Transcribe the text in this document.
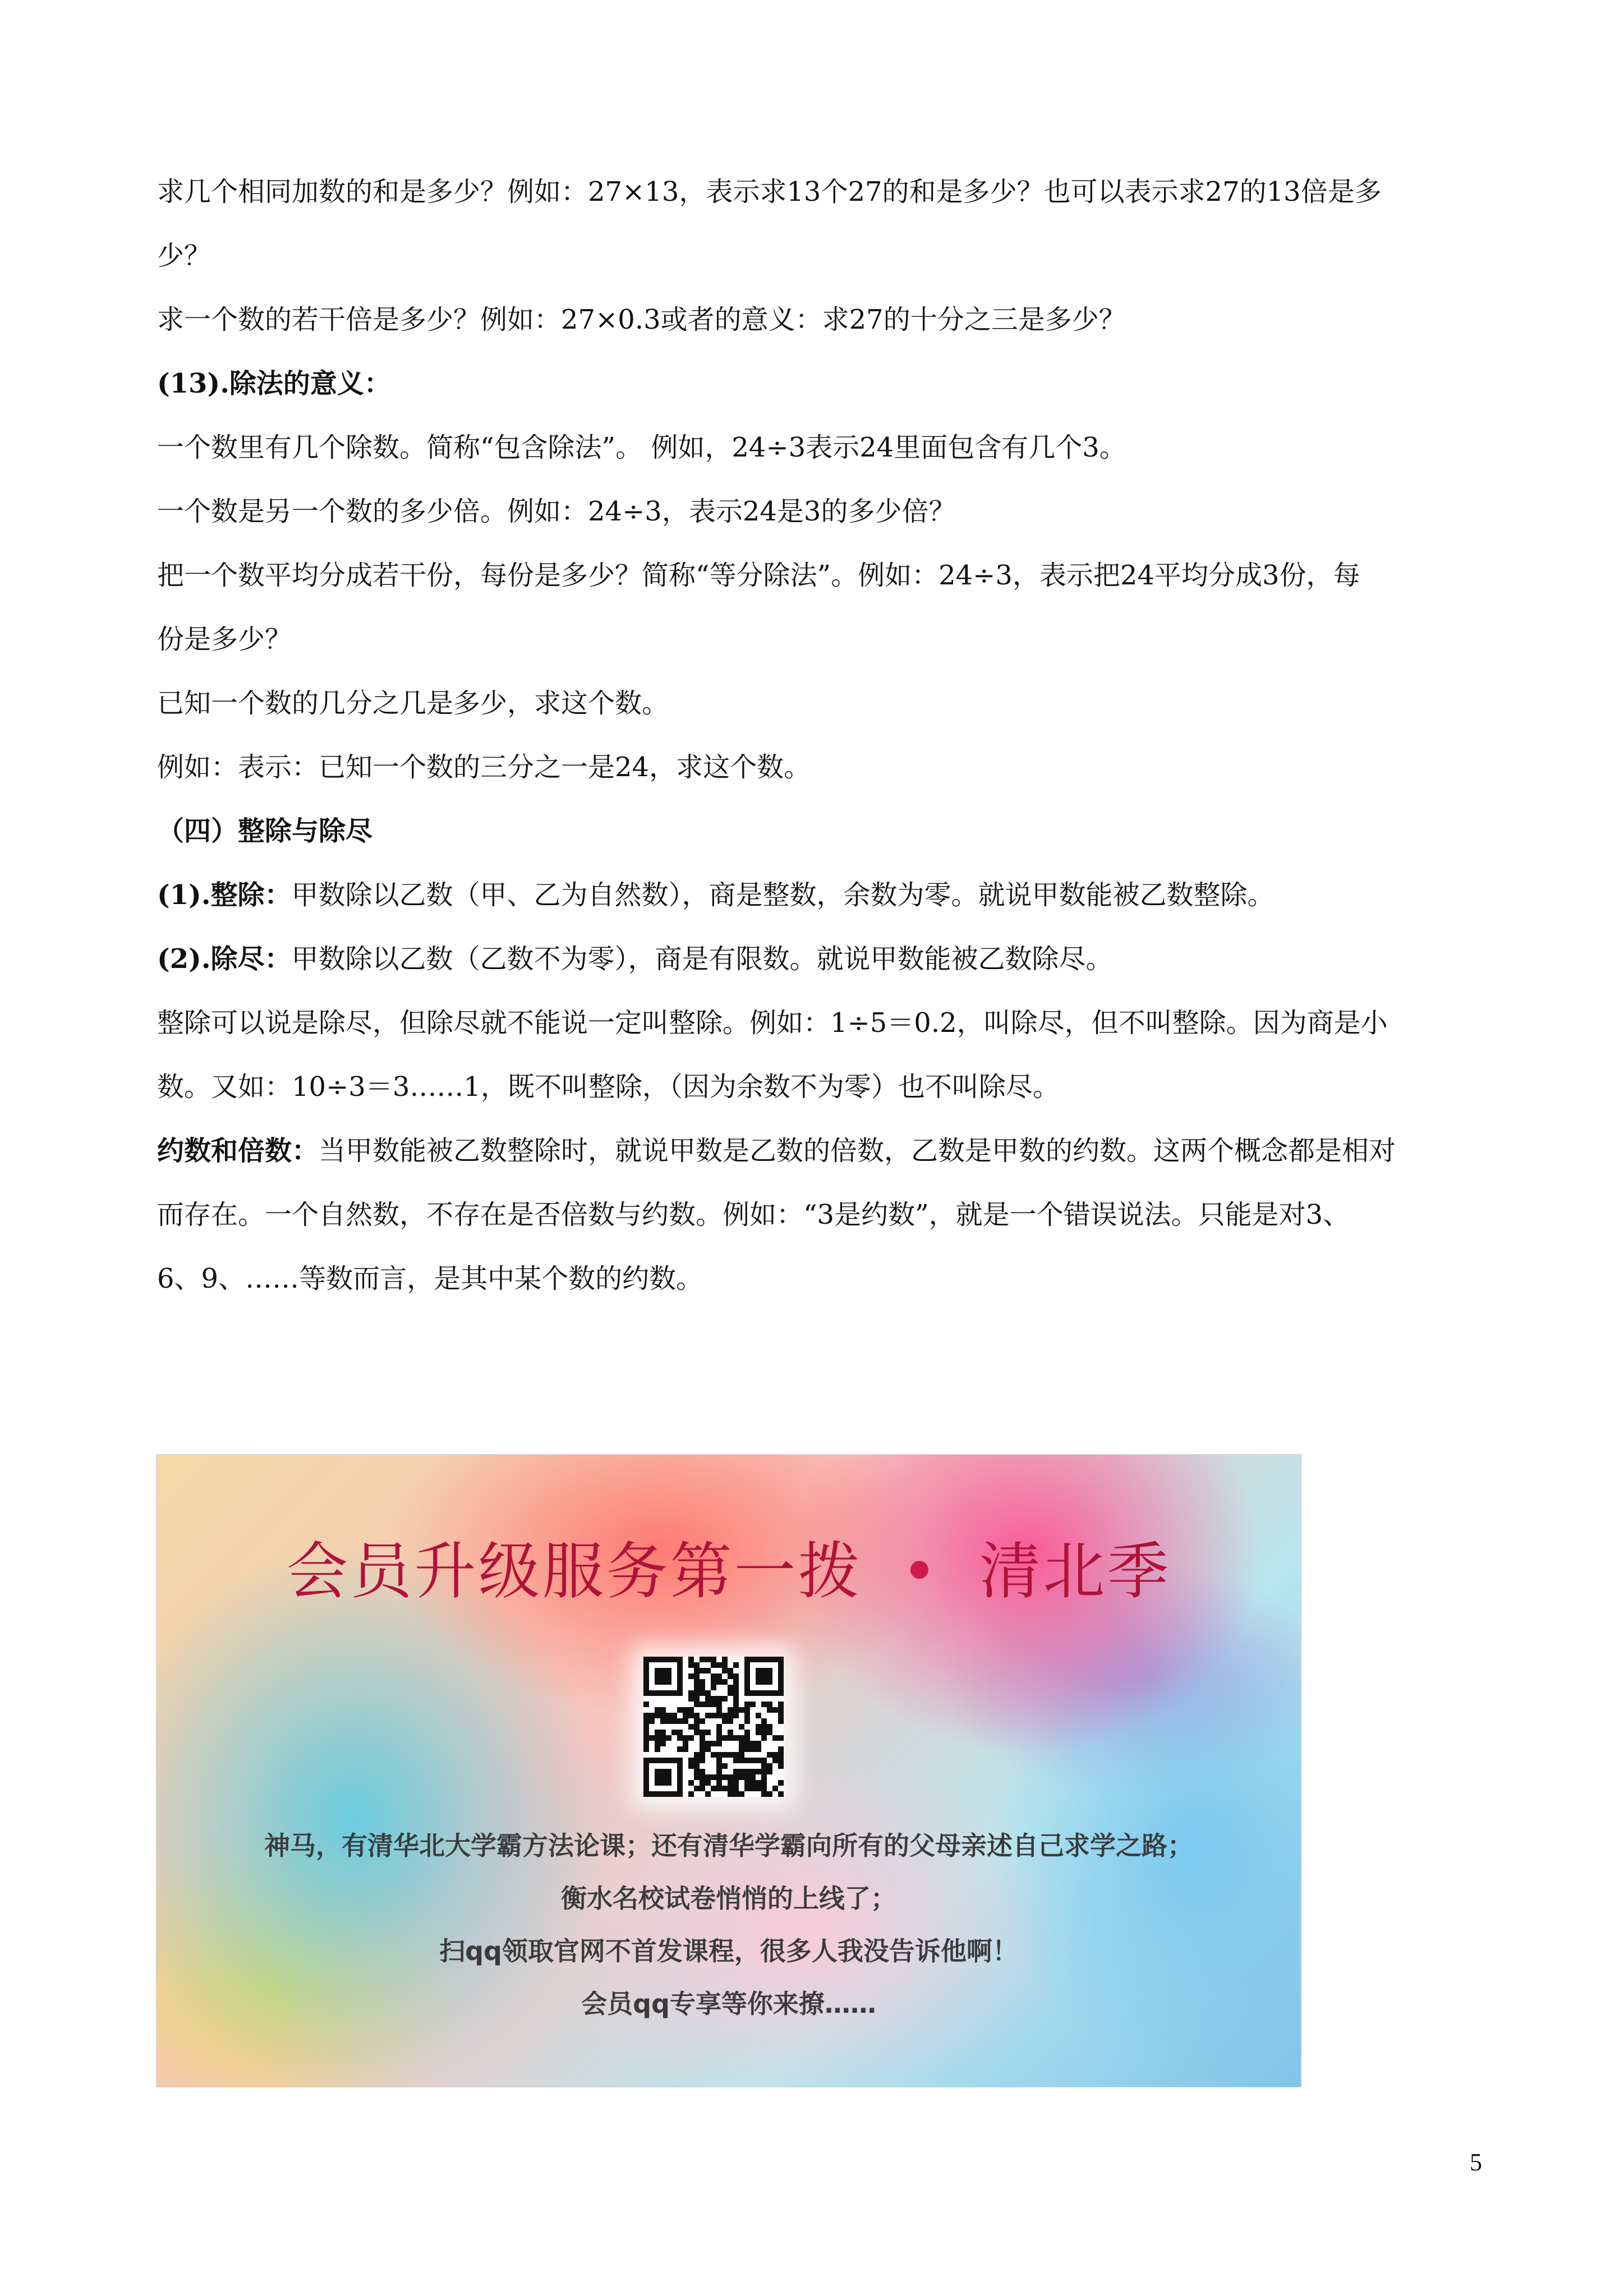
求几个相同加数的和是多少？例如：27×13，表示求13个27的和是多少？也可以表示求27的13倍是多

少？

求一个数的若干倍是多少？例如：27×0.3或者的意义：求27的十分之三是多少？

(13).除法的意义：

一个数里有几个除数。简称“包含除法”。 例如，24÷3表示24里面包含有几个3。

一个数是另一个数的多少倍。例如：24÷3，表示24是3的多少倍？

把一个数平均分成若干份，每份是多少？简称“等分除法”。例如：24÷3，表示把24平均分成3份，每

份是多少？

已知一个数的几分之几是多少，求这个数。

例如：表示：已知一个数的三分之一是24，求这个数。

（四）整除与除尽

(1).整除：甲数除以乙数（甲、乙为自然数），商是整数，余数为零。就说甲数能被乙数整除。

(2).除尽：甲数除以乙数（乙数不为零），商是有限数。就说甲数能被乙数除尽。

整除可以说是除尽，但除尽就不能说一定叫整除。例如：1÷5＝0.2，叫除尽，但不叫整除。因为商是小

数。又如：10÷3＝3……1，既不叫整除，（因为余数不为零）也不叫除尽。

约数和倍数：当甲数能被乙数整除时，就说甲数是乙数的倍数，乙数是甲数的约数。这两个概念都是相对

而存在。一个自然数，不存在是否倍数与约数。例如：“3是约数”，就是一个错误说法。只能是对3、

6、9、……等数而言，是其中某个数的约数。

会员升级服务第一拨 • 清北季
神马，有清华北大学霸方法论课；还有清华学霸向所有的父母亲述自己求学之路；
衡水名校试卷悄悄的上线了；
扫qq领取官网不首发课程，很多人我没告诉他啊！
会员qq专享等你来撩……
5
